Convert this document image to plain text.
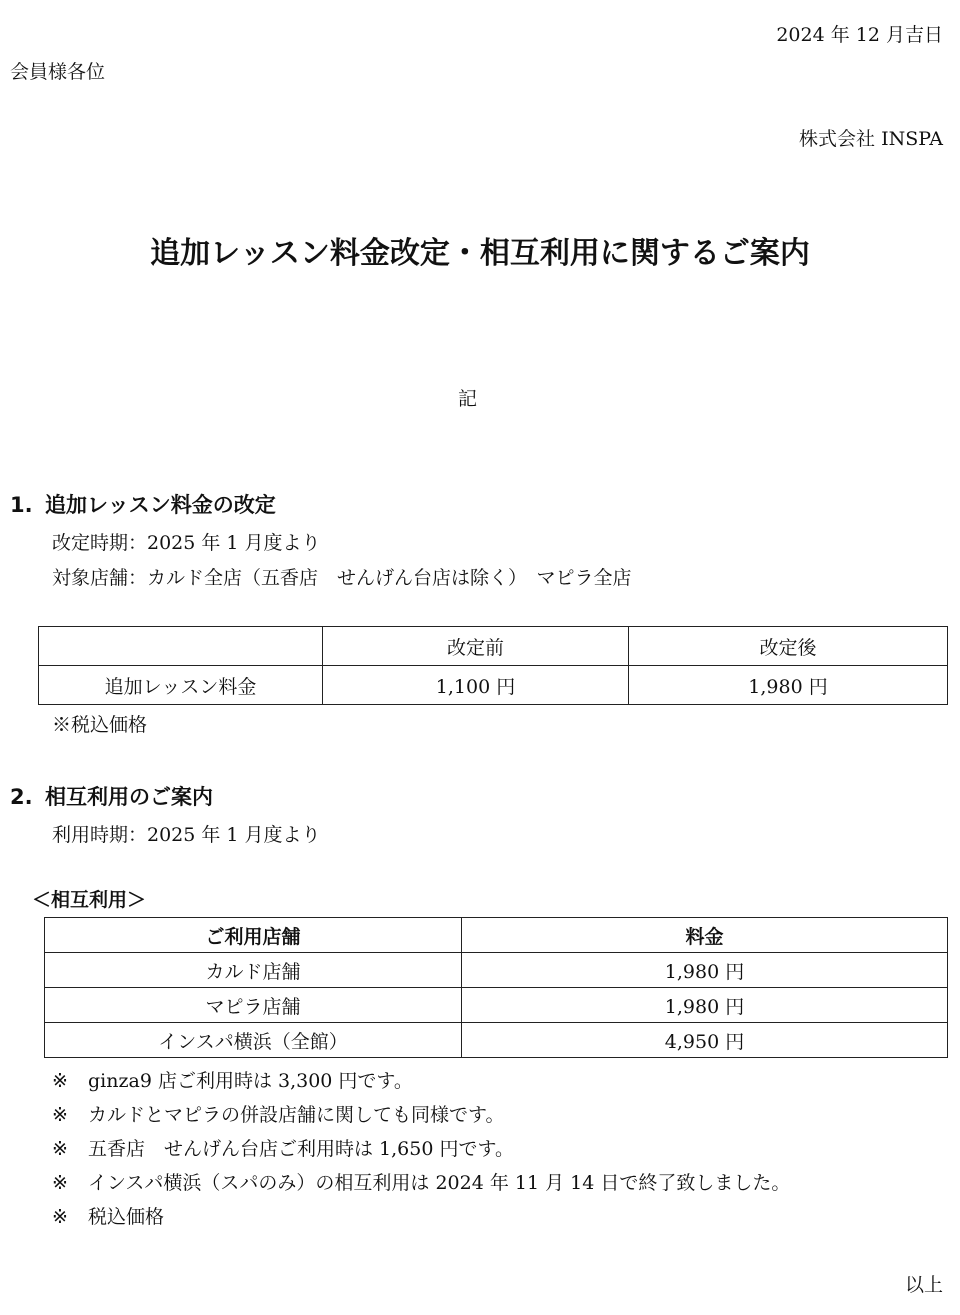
2024 年 12 月吉日
会員様各位
株式会社 INSPA
追加レッスン料金改定・相互利用に関するご案内
記
1. 追加レッスン料金の改定
改定時期：2025 年 1 月度より
対象店舗：カルド全店（五香店　せんげん台店は除く）　マピラ全店
	改定前	改定後
追加レッスン料金	1,100 円	1,980 円
※税込価格
2. 相互利用のご案内
利用時期：2025 年 1 月度より
＜相互利用＞
ご利用店舗	料金
カルド店舗	1,980 円
マピラ店舗	1,980 円
インスパ横浜（全館）	4,950 円
※ ginza9 店ご利用時は 3,300 円です。
※ カルドとマピラの併設店舗に関しても同様です。
※ 五香店　せんげん台店ご利用時は 1,650 円です。
※ インスパ横浜（スパのみ）の相互利用は 2024 年 11 月 14 日で終了致しました。
※ 税込価格
以上
